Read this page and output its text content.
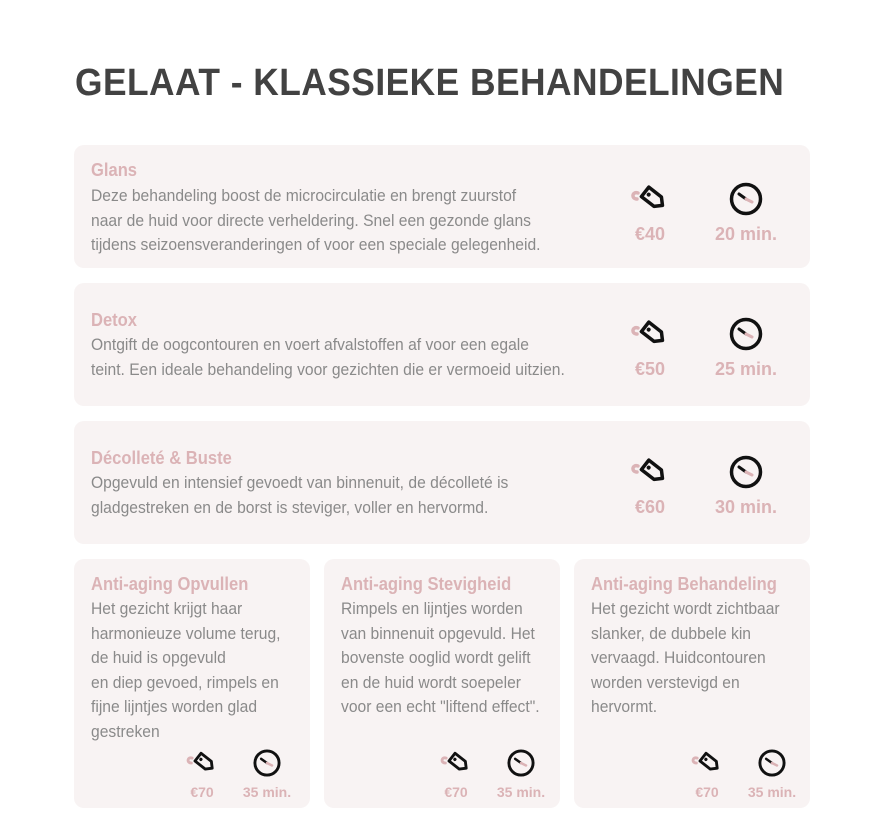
GELAAT - KLASSIEKE BEHANDELINGEN
Glans
Deze behandeling boost de microcirculatie en brengt zuurstof
naar de huid voor directe verheldering. Snel een gezonde glans
tijdens seizoensveranderingen of voor een speciale gelegenheid.
€40	20 min.
Detox
Ontgift de oogcontouren en voert afvalstoffen af voor een egale
teint. Een ideale behandeling voor gezichten die er vermoeid uitzien.	€50	25 min.
Décolleté & Buste
Opgevuld en intensief gevoedt van binnenuit, de décolleté is
gladgestreken en de borst is steviger, voller en hervormd.	€60	30 min.
Anti-aging Opvullen
Het gezicht krijgt haar
harmonieuze volume terug,
de huid is opgevuld
en diep gevoed, rimpels en
fijne lijntjes worden glad
gestreken
€70	35 min.
Anti-aging Stevigheid
Rimpels en lijntjes worden
van binnenuit opgevuld. Het
bovenste ooglid wordt gelift
en de huid wordt soepeler
voor een echt "liftend effect".
€70	35 min.
Anti-aging Behandeling
Het gezicht wordt zichtbaar
slanker, de dubbele kin
vervaagd. Huidcontouren
worden verstevigd en
hervormt.
€70	35 min.
